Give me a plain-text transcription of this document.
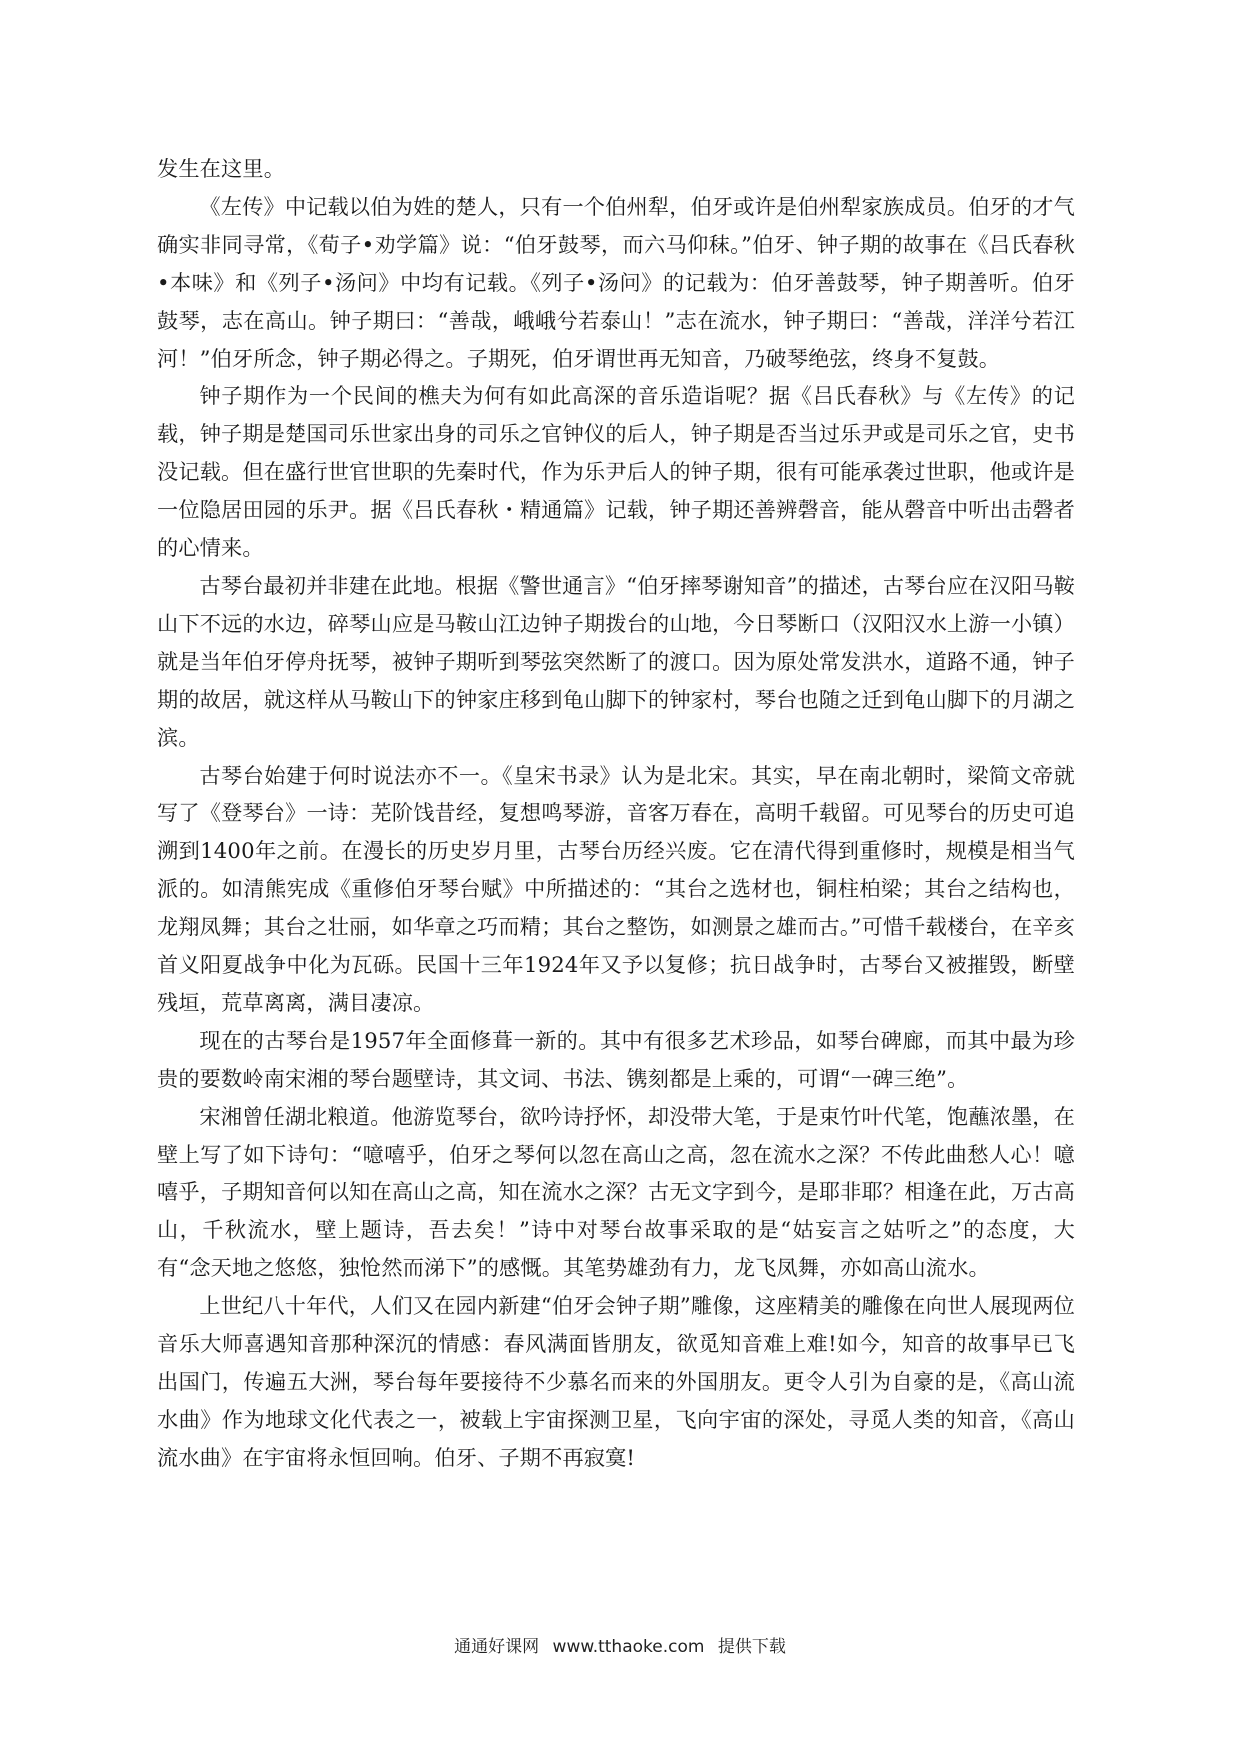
发生在这里。

《左传》中记载以伯为姓的楚人，只有一个伯州犁，伯牙或许是伯州犁家族成员。伯牙的才气确实非同寻常，《荀子•劝学篇》说：“伯牙鼓琴，而六马仰秣。”伯牙、钟子期的故事在《吕氏春秋•本味》和《列子•汤问》中均有记载。《列子•汤问》的记载为：伯牙善鼓琴，钟子期善听。伯牙鼓琴，志在高山。钟子期曰：“善哉，峨峨兮若泰山！”志在流水，钟子期曰：“善哉，洋洋兮若江河！”伯牙所念，钟子期必得之。子期死，伯牙谓世再无知音，乃破琴绝弦，终身不复鼓。

钟子期作为一个民间的樵夫为何有如此高深的音乐造诣呢？据《吕氏春秋》与《左传》的记载，钟子期是楚国司乐世家出身的司乐之官钟仪的后人，钟子期是否当过乐尹或是司乐之官，史书没记载。但在盛行世官世职的先秦时代，作为乐尹后人的钟子期，很有可能承袭过世职，他或许是一位隐居田园的乐尹。据《吕氏春秋・精通篇》记载，钟子期还善辨磬音，能从磬音中听出击磬者的心情来。

古琴台最初并非建在此地。根据《警世通言》“伯牙摔琴谢知音”的描述，古琴台应在汉阳马鞍山下不远的水边，碎琴山应是马鞍山江边钟子期拨台的山地，今日琴断口（汉阳汉水上游一小镇）就是当年伯牙停舟抚琴，被钟子期听到琴弦突然断了的渡口。因为原处常发洪水，道路不通，钟子期的故居，就这样从马鞍山下的钟家庄移到龟山脚下的钟家村，琴台也随之迁到龟山脚下的月湖之滨。

古琴台始建于何时说法亦不一。《皇宋书录》认为是北宋。其实，早在南北朝时，梁简文帝就写了《登琴台》一诗：芜阶饯昔经，复想鸣琴游，音客万春在，高明千载留。可见琴台的历史可追溯到1400年之前。在漫长的历史岁月里，古琴台历经兴废。它在清代得到重修时，规模是相当气派的。如清熊宪成《重修伯牙琴台赋》中所描述的：“其台之选材也，铜柱柏梁；其台之结构也，龙翔凤舞；其台之壮丽，如华章之巧而精；其台之整饬，如测景之雄而古。”可惜千载楼台，在辛亥首义阳夏战争中化为瓦砾。民国十三年1924年又予以复修；抗日战争时，古琴台又被摧毁，断壁残垣，荒草离离，满目凄凉。

现在的古琴台是1957年全面修葺一新的。其中有很多艺术珍品，如琴台碑廊，而其中最为珍贵的要数岭南宋湘的琴台题壁诗，其文词、书法、镌刻都是上乘的，可谓“一碑三绝”。

宋湘曾任湖北粮道。他游览琴台，欲吟诗抒怀，却没带大笔，于是束竹叶代笔，饱蘸浓墨，在壁上写了如下诗句：“噫嘻乎，伯牙之琴何以忽在高山之高，忽在流水之深？不传此曲愁人心！噫嘻乎，子期知音何以知在高山之高，知在流水之深？古无文字到今，是耶非耶？相逢在此，万古高山，千秋流水，壁上题诗，吾去矣！”诗中对琴台故事采取的是“姑妄言之姑听之”的态度，大有“念天地之悠悠，独怆然而涕下”的感慨。其笔势雄劲有力，龙飞凤舞，亦如高山流水。

上世纪八十年代，人们又在园内新建“伯牙会钟子期”雕像，这座精美的雕像在向世人展现两位音乐大师喜遇知音那种深沉的情感：春风满面皆朋友，欲觅知音难上难!如今，知音的故事早已飞出国门，传遍五大洲，琴台每年要接待不少慕名而来的外国朋友。更令人引为自豪的是，《高山流水曲》作为地球文化代表之一，被载上宇宙探测卫星，飞向宇宙的深处，寻觅人类的知音，《高山流水曲》在宇宙将永恒回响。伯牙、子期不再寂寞!

通通好课网 www.tthaoke.com 提供下载
